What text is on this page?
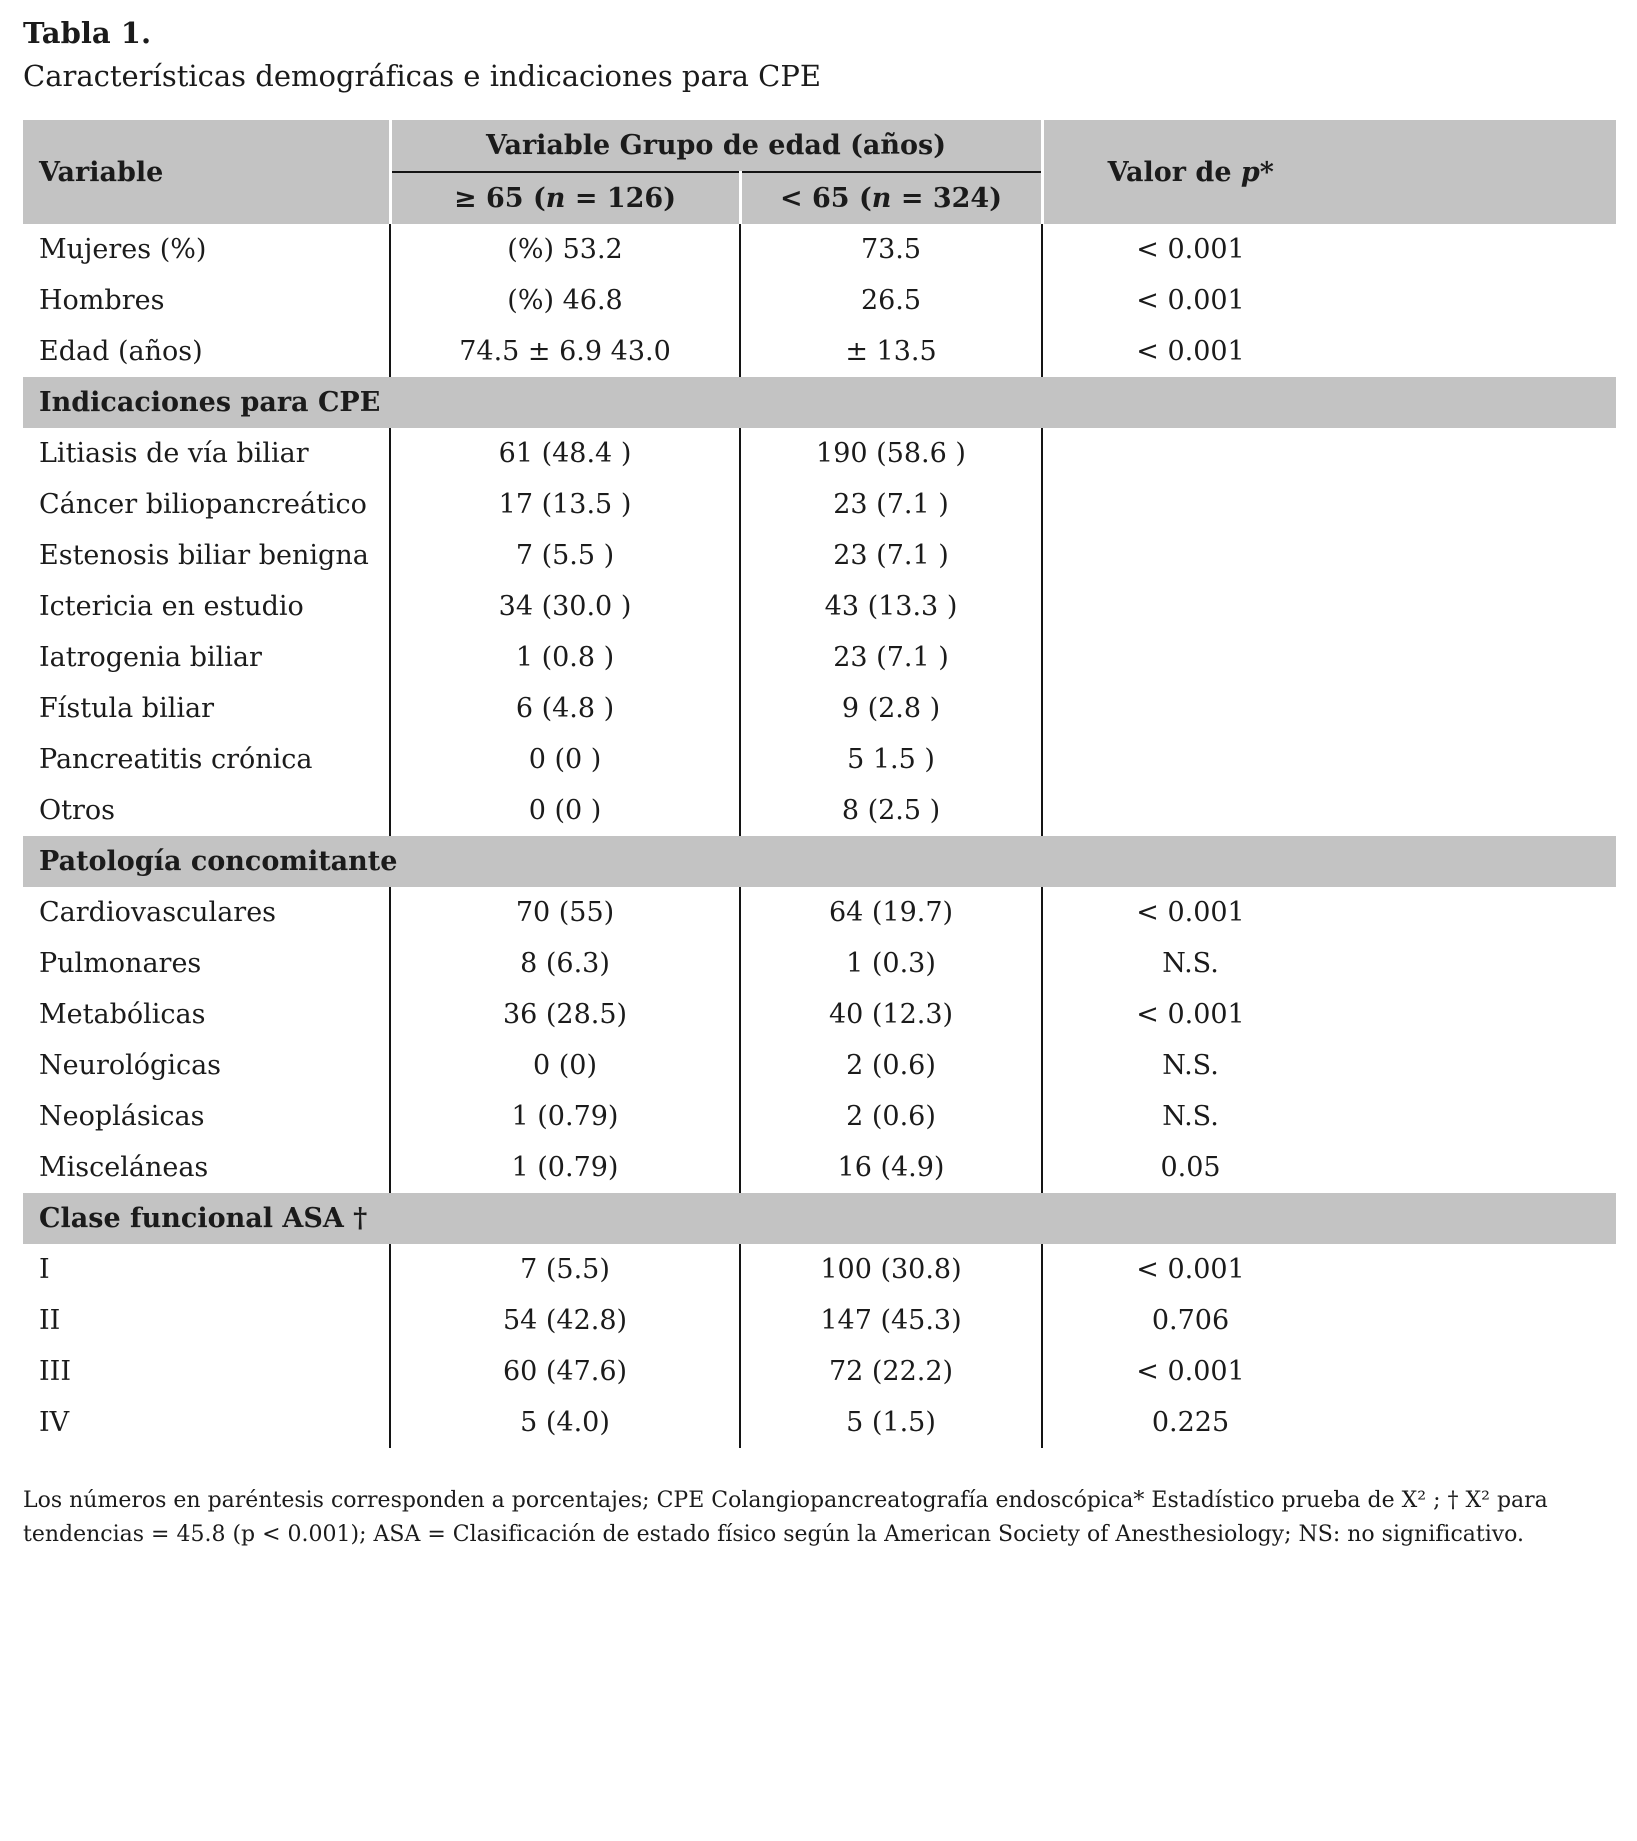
Tabla 1.

Características demográficas e indicaciones para CPE

Variable	Variable Grupo de edad (años)		Valor de p*
	≥ 65 (n = 126)	< 65 (n = 324)	
Mujeres (%)	(%) 53.2	73.5	< 0.001
Hombres	(%) 46.8	26.5	< 0.001
Edad (años)	74.5 ± 6.9 43.0	± 13.5	< 0.001
Indicaciones para CPE			
Litiasis de vía biliar	61 (48.4 )	190 (58.6 )	
Cáncer biliopancreático	17 (13.5 )	23 (7.1 )	
Estenosis biliar benigna	7 (5.5 )	23 (7.1 )	
Ictericia en estudio	34 (30.0 )	43 (13.3 )	
Iatrogenia biliar	1 (0.8 )	23 (7.1 )	
Fístula biliar	6 (4.8 )	9 (2.8 )	
Pancreatitis crónica	0 (0 )	5 1.5 )	
Otros	0 (0 )	8 (2.5 )	
Patología concomitante			
Cardiovasculares	70 (55)	64 (19.7)	< 0.001
Pulmonares	8 (6.3)	1 (0.3)	N.S.
Metabólicas	36 (28.5)	40 (12.3)	< 0.001
Neurológicas	0 (0)	2 (0.6)	N.S.
Neoplásicas	1 (0.79)	2 (0.6)	N.S.
Misceláneas	1 (0.79)	16 (4.9)	0.05
Clase funcional ASA †			
I	7 (5.5)	100 (30.8)	< 0.001
II	54 (42.8)	147 (45.3)	0.706
III	60 (47.6)	72 (22.2)	< 0.001
IV	5 (4.0)	5 (1.5)	0.225
Los números en paréntesis corresponden a porcentajes; CPE Colangiopancreatografía endoscópica* Estadístico prueba de X² ; † X² para
tendencias = 45.8 (p < 0.001); ASA = Clasificación de estado físico según la American Society of Anesthesiology; NS: no significativo.
